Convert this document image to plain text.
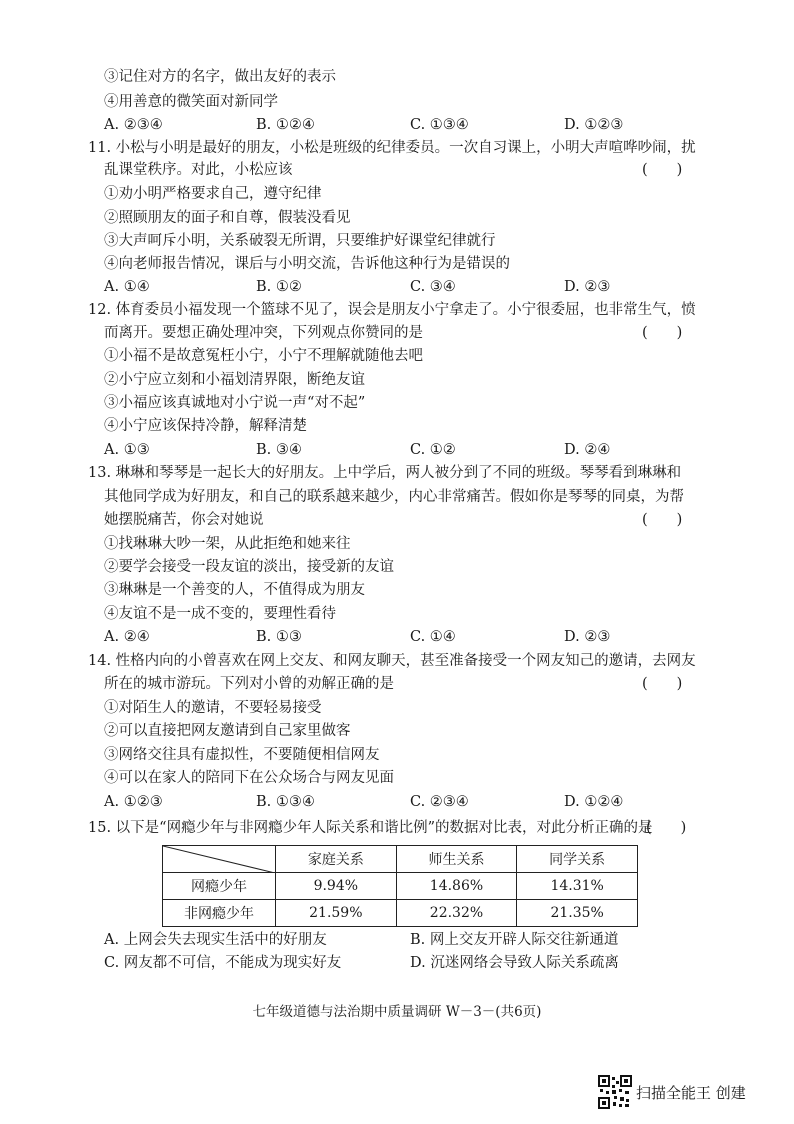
③记住对方的名字，做出友好的表示
④用善意的微笑面对新同学
A. ②③④	B. ①②④	C. ①③④	D. ①②③
11. 小松与小明是最好的朋友，小松是班级的纪律委员。一次自习课上，小明大声喧哗吵闹，扰
乱课堂秩序。对此，小松应该	(　　)
①劝小明严格要求自己，遵守纪律
②照顾朋友的面子和自尊，假装没看见
③大声呵斥小明，关系破裂无所谓，只要维护好课堂纪律就行
④向老师报告情况，课后与小明交流，告诉他这种行为是错误的
A. ①④	B. ①②	C. ③④	D. ②③
12. 体育委员小福发现一个篮球不见了，误会是朋友小宁拿走了。小宁很委屈，也非常生气，愤
而离开。要想正确处理冲突，下列观点你赞同的是	(　　)
①小福不是故意冤枉小宁，小宁不理解就随他去吧
②小宁应立刻和小福划清界限，断绝友谊
③小福应该真诚地对小宁说一声“对不起”
④小宁应该保持冷静，解释清楚
A. ①③	B. ③④	C. ①②	D. ②④
13. 琳琳和琴琴是一起长大的好朋友。上中学后，两人被分到了不同的班级。琴琴看到琳琳和
其他同学成为好朋友，和自己的联系越来越少，内心非常痛苦。假如你是琴琴的同桌，为帮
她摆脱痛苦，你会对她说	(　　)
①找琳琳大吵一架，从此拒绝和她来往
②要学会接受一段友谊的淡出，接受新的友谊
③琳琳是一个善变的人，不值得成为朋友
④友谊不是一成不变的，要理性看待
A. ②④	B. ①③	C. ①④	D. ②③
14. 性格内向的小曾喜欢在网上交友、和网友聊天，甚至准备接受一个网友知己的邀请，去网友
所在的城市游玩。下列对小曾的劝解正确的是	(　　)
①对陌生人的邀请，不要轻易接受
②可以直接把网友邀请到自己家里做客
③网络交往具有虚拟性，不要随便相信网友
④可以在家人的陪同下在公众场合与网友见面
A. ①②③	B. ①③④	C. ②③④	D. ①②④
15. 以下是“网瘾少年与非网瘾少年人际关系和谐比例”的数据对比表，对此分析正确的是
(　　)
	家庭关系	师生关系	同学关系
网瘾少年	9.94%	14.86%	14.31%
非网瘾少年	21.59%	22.32%	21.35%
A. 上网会失去现实生活中的好朋友	B. 网上交友开辟人际交往新通道
C. 网友都不可信，不能成为现实好友	D. 沉迷网络会导致人际关系疏离
七年级道德与法治期中质量调研 W－3－(共6页)
扫描全能王 创建
